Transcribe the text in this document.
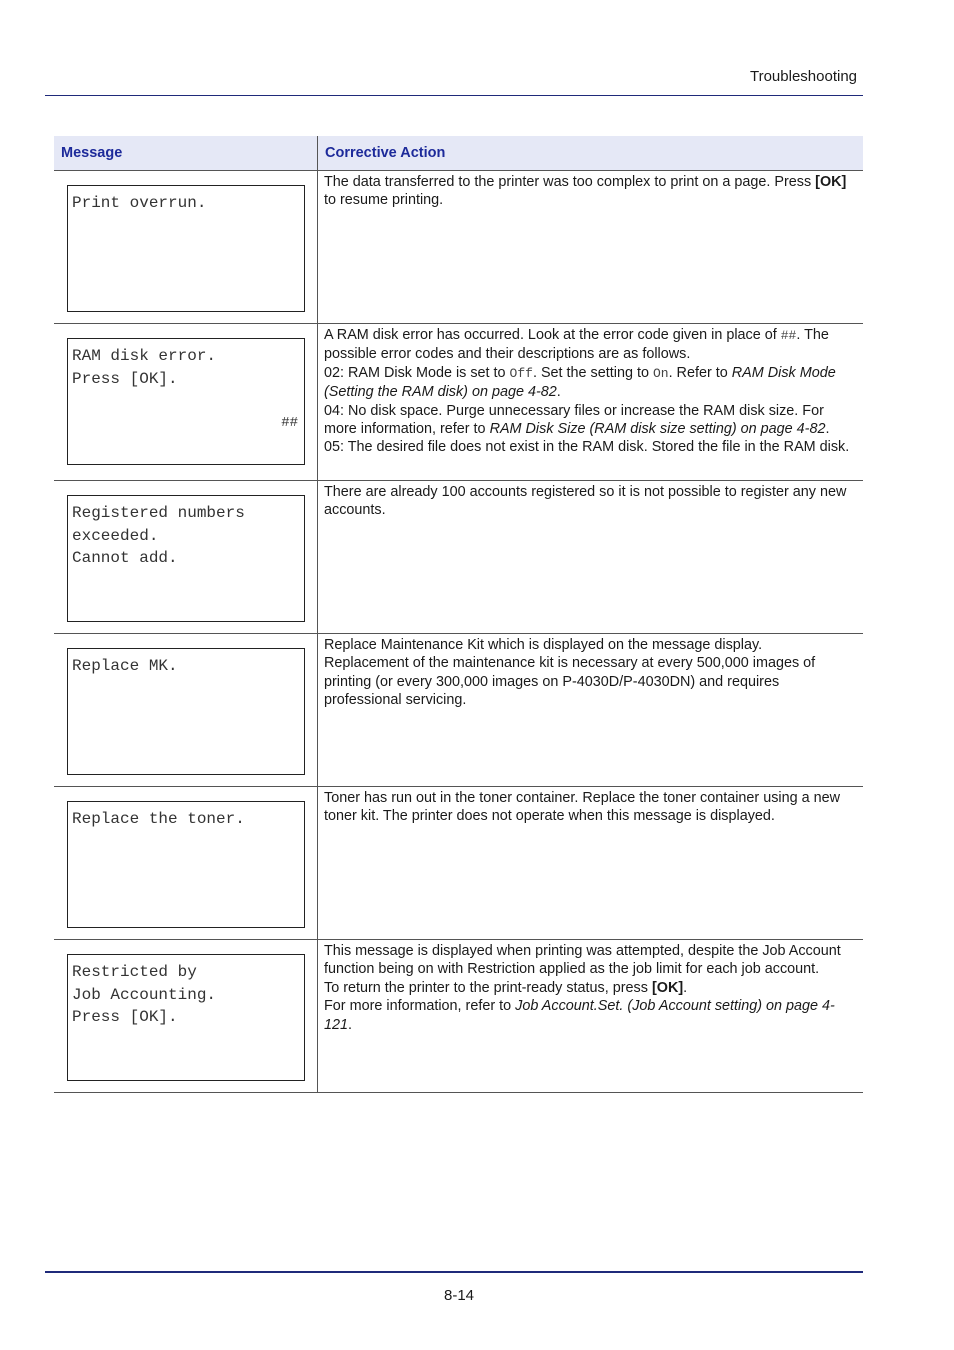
Troubleshooting
Message	Corrective Action
Print overrun.

The data transferred to the printer was too complex to print on a page. Press [OK] to resume printing.

RAM disk error.
Press [OK].
##

A RAM disk error has occurred. Look at the error code given in place of ##. The possible error codes and their descriptions are as follows.

02: RAM Disk Mode is set to Off. Set the setting to On. Refer to RAM Disk Mode (Setting the RAM disk) on page 4-82.

04: No disk space. Purge unnecessary files or increase the RAM disk size. For more information, refer to RAM Disk Size (RAM disk size setting) on page 4-82.

05: The desired file does not exist in the RAM disk. Stored the file in the RAM disk.

Registered numbers
exceeded.
Cannot add.

There are already 100 accounts registered so it is not possible to register any new accounts.

Replace MK.

Replace Maintenance Kit which is displayed on the message display.

Replacement of the maintenance kit is necessary at every 500,000 images of printing (or every 300,000 images on P-4030D/P-4030DN) and requires professional servicing.

Replace the toner.

Toner has run out in the toner container. Replace the toner container using a new toner kit. The printer does not operate when this message is displayed.

Restricted by
Job Accounting.
Press [OK].

This message is displayed when printing was attempted, despite the Job Account function being on with Restriction applied as the job limit for each job account.

To return the printer to the print-ready status, press [OK].

For more information, refer to Job Account.Set. (Job Account setting) on page 4-121.

8-14
